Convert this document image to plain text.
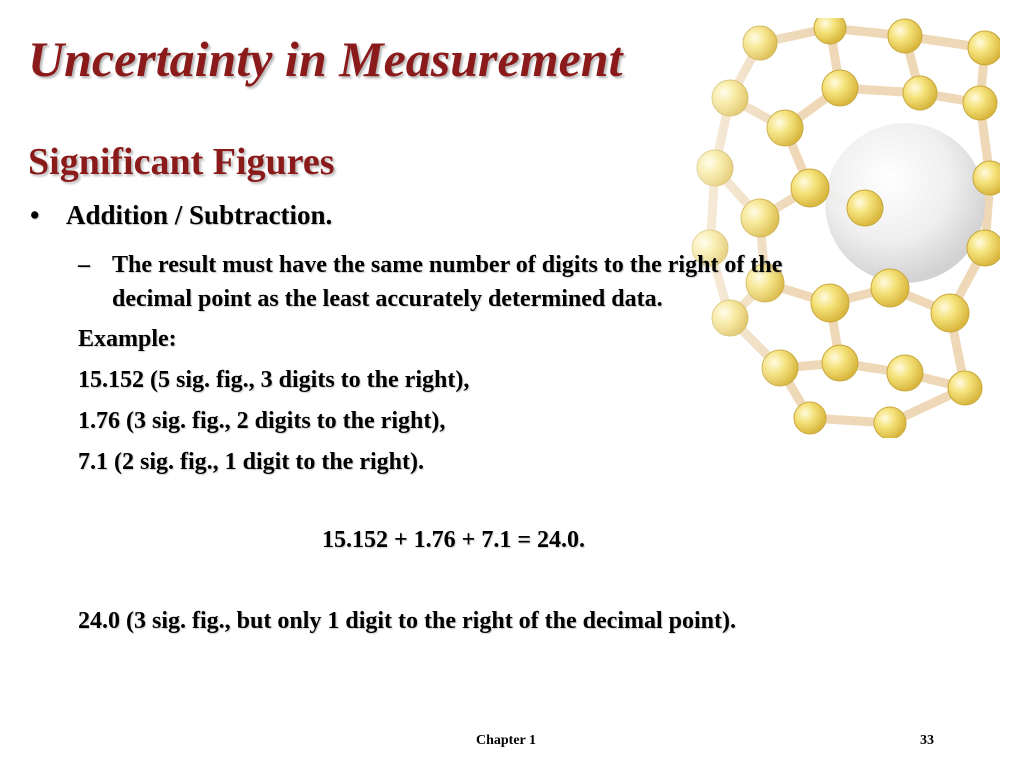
Uncertainty in Measurement
Significant Figures
• Addition / Subtraction.
– The result must have the same number of digits to the right of the decimal point as the least accurately determined data.
Example:
15.152 (5 sig. fig., 3 digits to the right),
1.76 (3 sig. fig., 2 digits to the right),
7.1 (2 sig. fig., 1 digit to the right).
15.152 + 1.76 + 7.1 = 24.0.
24.0 (3 sig. fig., but only 1 digit to the right of the decimal point).
Chapter 1	33
